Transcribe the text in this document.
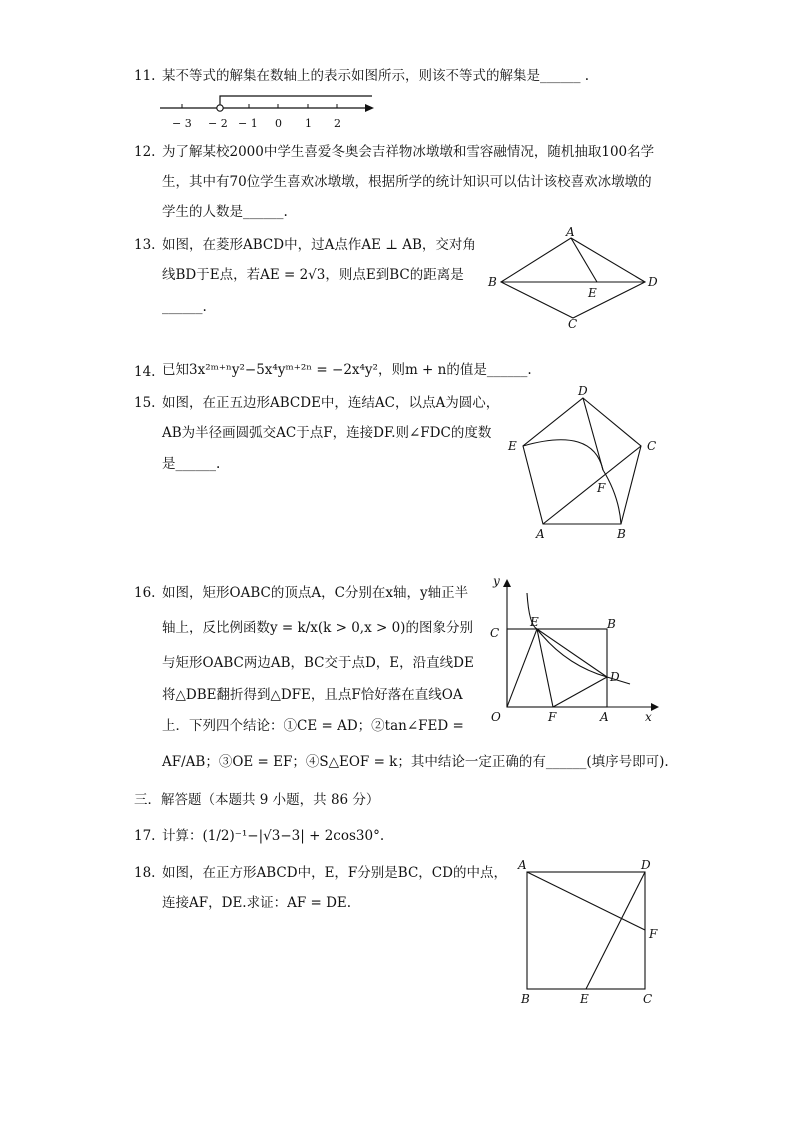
11. 某不等式的解集在数轴上的表示如图所示，则该不等式的解集是______ .
− 3 − 2 − 1 0 1 2
12. 为了解某校2000中学生喜爱冬奥会吉祥物冰墩墩和雪容融情况，随机抽取100名学
生，其中有70位学生喜欢冰墩墩，根据所学的统计知识可以估计该校喜欢冰墩墩的
学生的人数是______.
13. 如图，在菱形ABCD中，过A点作AE ⊥ AB，交对角
线BD于E点，若AE = 2√3，则点E到BC的距离是
______.
A
B
C
D
E
14. 已知3x²ᵐ⁺ⁿy²−5x⁴yᵐ⁺²ⁿ = −2x⁴y²，则m + n的值是______.
15. 如图，在正五边形ABCDE中，连结AC，以点A为圆心，
AB为半径画圆弧交AC于点F，连接DF.则∠FDC的度数
是______.
D
C
E
F
A	B
16. 如图，矩形OABC的顶点A，C分别在x轴，y轴正半
轴上，反比例函数y = k/x(k > 0,x > 0)的图象分别
与矩形OABC两边AB，BC交于点D，E，沿直线DE
将△DBE翻折得到△DFE，且点F恰好落在直线OA
上．下列四个结论：①CE = AD；②tan∠FED =
AF/AB；③OE = EF；④S△EOF = k；其中结论一定正确的有______(填序号即可).
y
x
O
C
E	B
D
F	A
三．解答题（本题共 9 小题，共 86 分）
17. 计算：(1/2)⁻¹−|√3−3| + 2cos30°.
18. 如图，在正方形ABCD中，E，F分别是BC，CD的中点，
连接AF，DE.求证：AF = DE.
A	D
F
B	E	C
